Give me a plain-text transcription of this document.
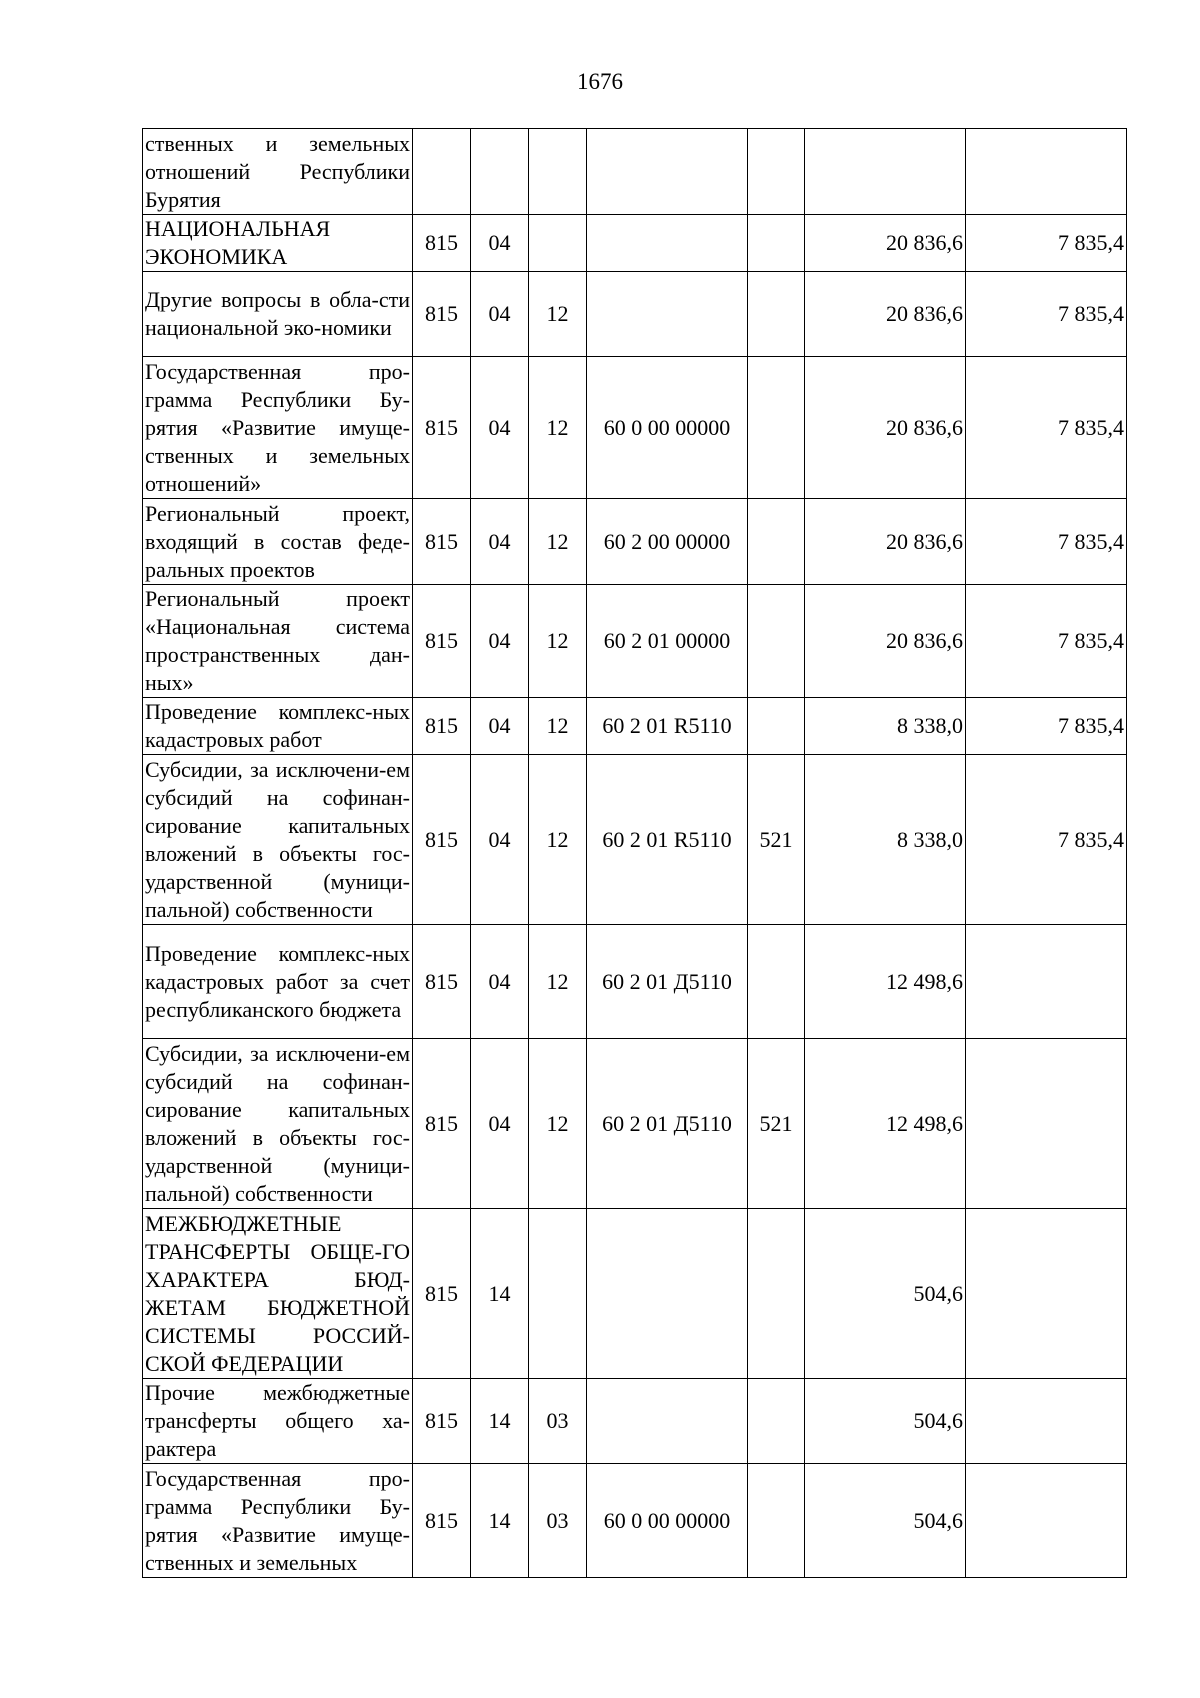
1676
ственных и земельных отношений Республики Бурятия							
НАЦИОНАЛЬНАЯ ЭКОНОМИКА	815	04				20 836,6	7 835,4
Другие вопросы в обла-сти национальной эко-номики	815	04	12			20 836,6	7 835,4
Государственная про-грамма Республики Бу-рятия «Развитие имуще-ственных и земельных отношений»	815	04	12	60 0 00 00000		20 836,6	7 835,4
Региональный проект, входящий в состав феде-ральных проектов	815	04	12	60 2 00 00000		20 836,6	7 835,4
Региональный проект «Национальная система пространственных дан-ных»	815	04	12	60 2 01 00000		20 836,6	7 835,4
Проведение комплекс-ных кадастровых работ	815	04	12	60 2 01 R5110		8 338,0	7 835,4
Субсидии, за исключени-ем субсидий на софинан-сирование капитальных вложений в объекты гос-ударственной (муници-пальной) собственности	815	04	12	60 2 01 R5110	521	8 338,0	7 835,4
Проведение комплекс-ных кадастровых работ за счет республиканского бюджета	815	04	12	60 2 01 Д5110		12 498,6	
Субсидии, за исключени-ем субсидий на софинан-сирование капитальных вложений в объекты гос-ударственной (муници-пальной) собственности	815	04	12	60 2 01 Д5110	521	12 498,6	
МЕЖБЮДЖЕТНЫЕ ТРАНСФЕРТЫ ОБЩЕ-ГО ХАРАКТЕРА БЮД-ЖЕТАМ БЮДЖЕТНОЙ СИСТЕМЫ РОССИЙ-СКОЙ ФЕДЕРАЦИИ	815	14				504,6	
Прочие межбюджетные трансферты общего ха-рактера	815	14	03			504,6	
Государственная про-грамма Республики Бу-рятия «Развитие имуще-ственных и земельных	815	14	03	60 0 00 00000		504,6	
